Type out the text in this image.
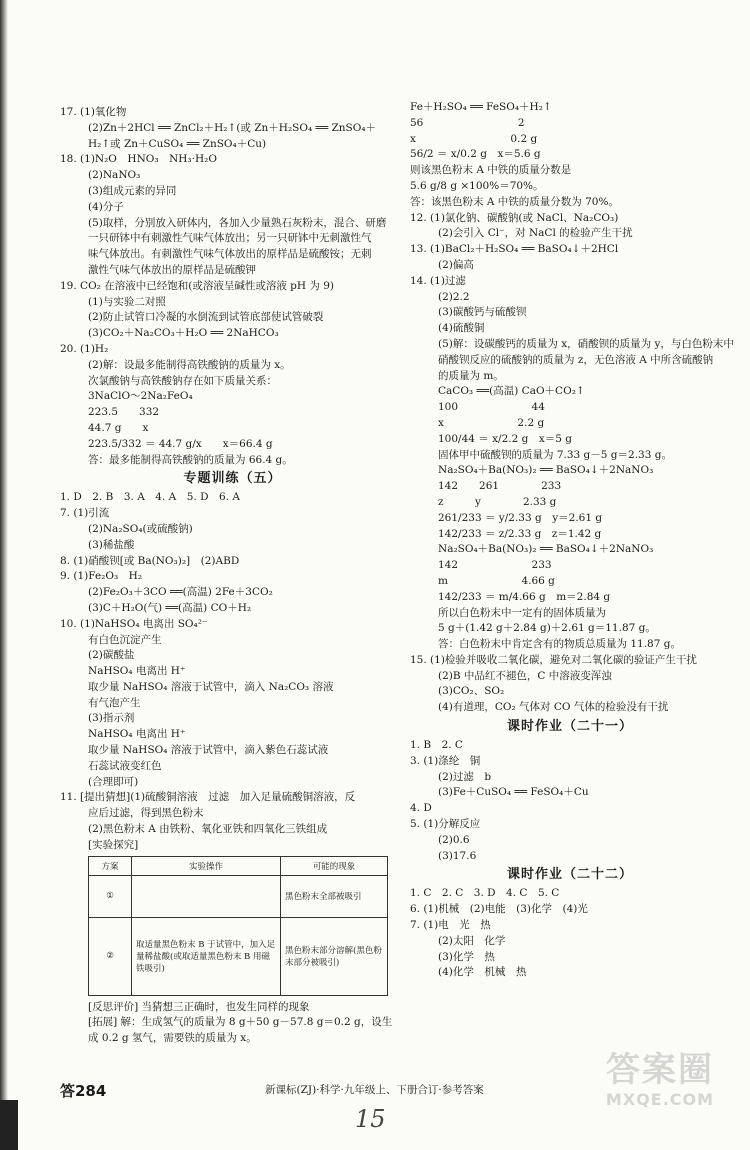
17. (1)氧化物
(2)Zn＋2HCl ══ ZnCl₂＋H₂↑(或 Zn＋H₂SO₄ ══ ZnSO₄＋
H₂↑或 Zn＋CuSO₄ ══ ZnSO₄＋Cu)
18. (1)N₂O　HNO₃　NH₃·H₂O
(2)NaNO₃
(3)组成元素的异同
(4)分子
(5)取样，分别放入研体内，各加入少量熟石灰粉末，混合、研磨
一只研钵中有刺激性气味气体放出；另一只研钵中无刺激性气
味气体放出。有刺激性气味气体放出的原样品是硫酸铵；无刺
激性气味气体放出的原样品是硫酸钾
19. CO₂ 在溶液中已经饱和(或溶液呈碱性或溶液 pH 为 9)
(1)与实验二对照
(2)防止试管口冷凝的水倒流到试管底部使试管破裂
(3)CO₂＋Na₂CO₃＋H₂O ══ 2NaHCO₃
20. (1)H₂
(2)解：设最多能制得高铁酸钠的质量为 x。
次氯酸钠与高铁酸钠存在如下质量关系：
3NaClO～2Na₂FeO₄
223.5　　332
44.7 g　　x
223.5/332 ＝ 44.7 g/x　　x＝66.4 g
答：最多能制得高铁酸钠的质量为 66.4 g。
专题训练（五）
1. D　2. B　3. A　4. A　5. D　6. A
7. (1)引流
(2)Na₂SO₄(或硫酸钠)
(3)稀盐酸
8. (1)硝酸钡[或 Ba(NO₃)₂]　(2)ABD
9. (1)Fe₂O₃　H₂
(2)Fe₂O₃＋3CO ══(高温) 2Fe＋3CO₂
(3)C＋H₂O(气) ══(高温) CO＋H₂
10. (1)NaHSO₄ 电离出 SO₄²⁻
有白色沉淀产生
(2)碳酸盐
NaHSO₄ 电离出 H⁺
取少量 NaHSO₄ 溶液于试管中，滴入 Na₂CO₃ 溶液
有气泡产生
(3)指示剂
NaHSO₄ 电离出 H⁺
取少量 NaHSO₄ 溶液于试管中，滴入紫色石蕊试液
石蕊试液变红色
(合理即可)
11. [提出猜想](1)硫酸铜溶液　过滤　加入足量硫酸铜溶液，反
应后过滤，得到黑色粉末
(2)黑色粉末 A 由铁粉、氧化亚铁和四氧化三铁组成
[实验探究]
方案	实验操作	可能的现象
①		黑色粉末全部被吸引
②	取适量黑色粉末 B 于试管中，加入足量稀盐酸(或取适量黑色粉末 B 用磁铁吸引)	黑色粉末部分溶解(黑色粉末部分被吸引)
[反思评价] 当猜想三正确时，也发生同样的现象
[拓展] 解：生成氢气的质量为 8 g＋50 g－57.8 g＝0.2 g，设生
成 0.2 g 氢气，需要铁的质量为 x。
Fe＋H₂SO₄ ══ FeSO₄＋H₂↑
56　　　　　　　　　2
x　　　　　　　　　0.2 g
56/2 ＝ x/0.2 g　x＝5.6 g
则该黑色粉末 A 中铁的质量分数是
5.6 g/8 g ×100%＝70%。
答：该黑色粉末 A 中铁的质量分数为 70%。
12. (1)氯化钠、碳酸钠(或 NaCl、Na₂CO₃)
(2)会引入 Cl⁻，对 NaCl 的检验产生干扰
13. (1)BaCl₂＋H₂SO₄ ══ BaSO₄↓＋2HCl
(2)偏高
14. (1)过滤
(2)2.2
(3)碳酸钙与硫酸钡
(4)硫酸铜
(5)解：设碳酸钙的质量为 x，硝酸钡的质量为 y，与白色粉末中
硝酸钡反应的硫酸钠的质量为 z，无色溶液 A 中所含硫酸钠
的质量为 m。
CaCO₃ ══(高温) CaO＋CO₂↑
100　　　　　　　44
x　　　　　　　2.2 g
100/44 ＝ x/2.2 g　x＝5 g
固体甲中硫酸钡的质量为 7.33 g－5 g＝2.33 g。
Na₂SO₄＋Ba(NO₃)₂ ══ BaSO₄↓＋2NaNO₃
142　　261　　　　233
z　　　y　　　　2.33 g
261/233 ＝ y/2.33 g　y＝2.61 g
142/233 ＝ z/2.33 g　z＝1.42 g
Na₂SO₄＋Ba(NO₃)₂ ══ BaSO₄↓＋2NaNO₃
142　　　　　　　233
m　　　　　　　4.66 g
142/233 ＝ m/4.66 g　m＝2.84 g
所以白色粉末中一定有的固体质量为
5 g＋(1.42 g＋2.84 g)＋2.61 g＝11.87 g。
答：白色粉末中肯定含有的物质总质量为 11.87 g。
15. (1)检验并吸收二氧化碳，避免对二氧化碳的验证产生干扰
(2)B 中品红不褪色，C 中溶液变浑浊
(3)CO₂、SO₂
(4)有道理，CO₂ 气体对 CO 气体的检验没有干扰
课时作业（二十一）
1. B　2. C
3. (1)涤纶　铜
(2)过滤　b
(3)Fe＋CuSO₄ ══ FeSO₄＋Cu
4. D
5. (1)分解反应
(2)0.6
(3)17.6
课时作业（二十二）
1. C　2. C　3. D　4. C　5. C
6. (1)机械　(2)电能　(3)化学　(4)光
7. (1)电　光　热
(2)太阳　化学
(3)化学　热
(4)化学　机械　热
答284	新课标(ZJ)·科学·九年级上、下册合订·参考答案
15
答案圈
MXQE.COM
